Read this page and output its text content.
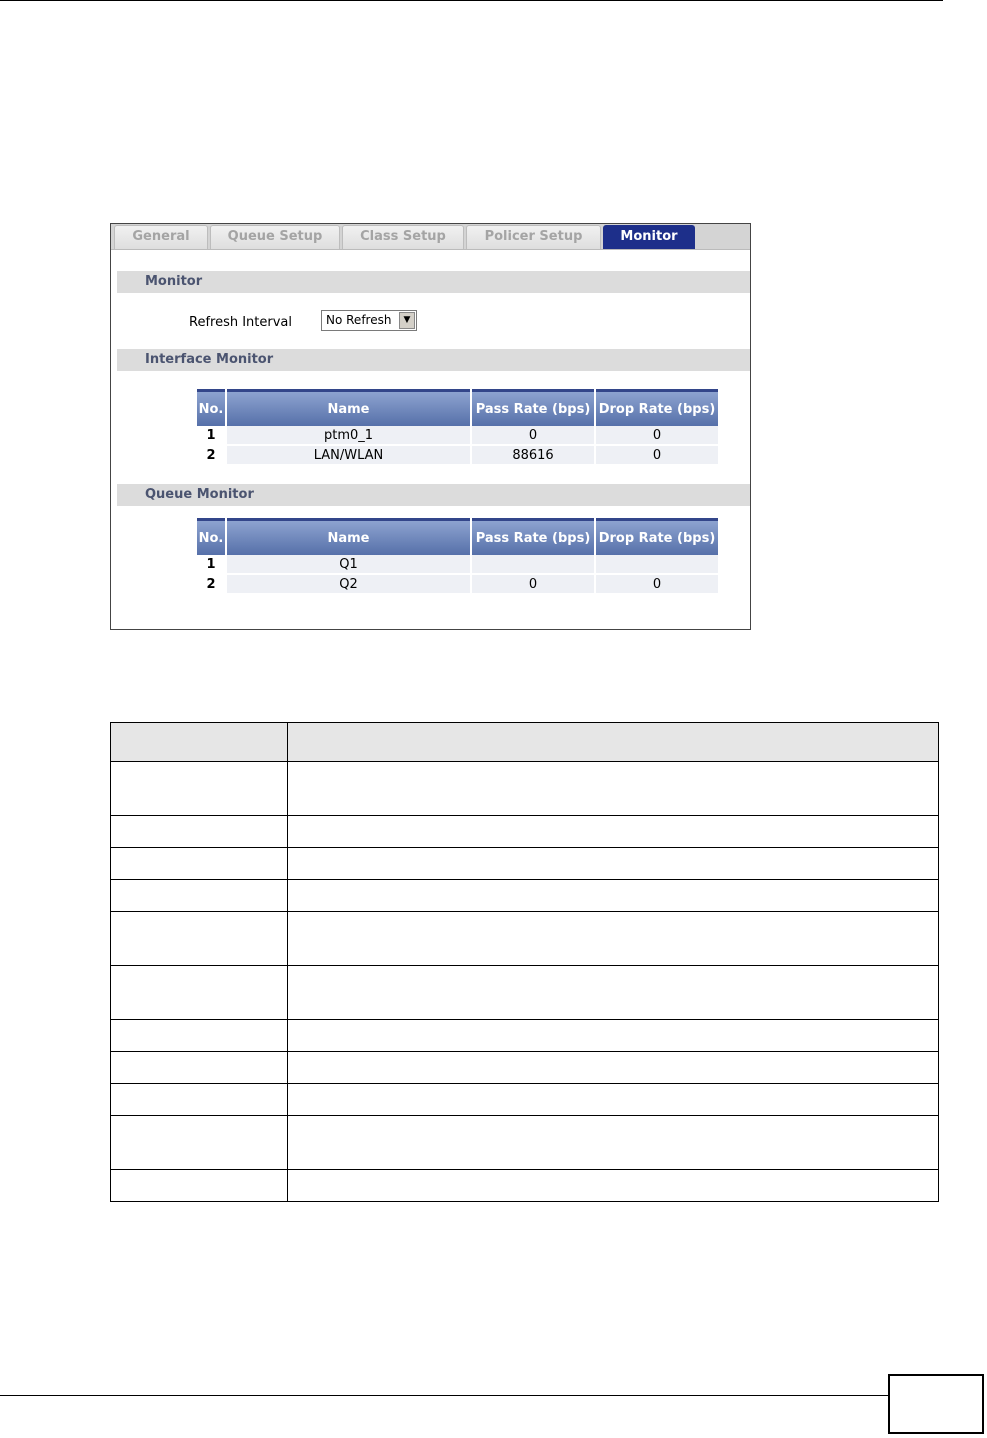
General	Queue Setup	Class Setup	Policer Setup	Monitor
Monitor
Refresh Interval	No Refresh	▼
Interface Monitor
No.	Name	Pass Rate (bps)	Drop Rate (bps)
1	ptm0_1	0	0
2	LAN/WLAN	88616	0
Queue Monitor
No.	Name	Pass Rate (bps)	Drop Rate (bps)
1	Q1		
2	Q2	0	0
